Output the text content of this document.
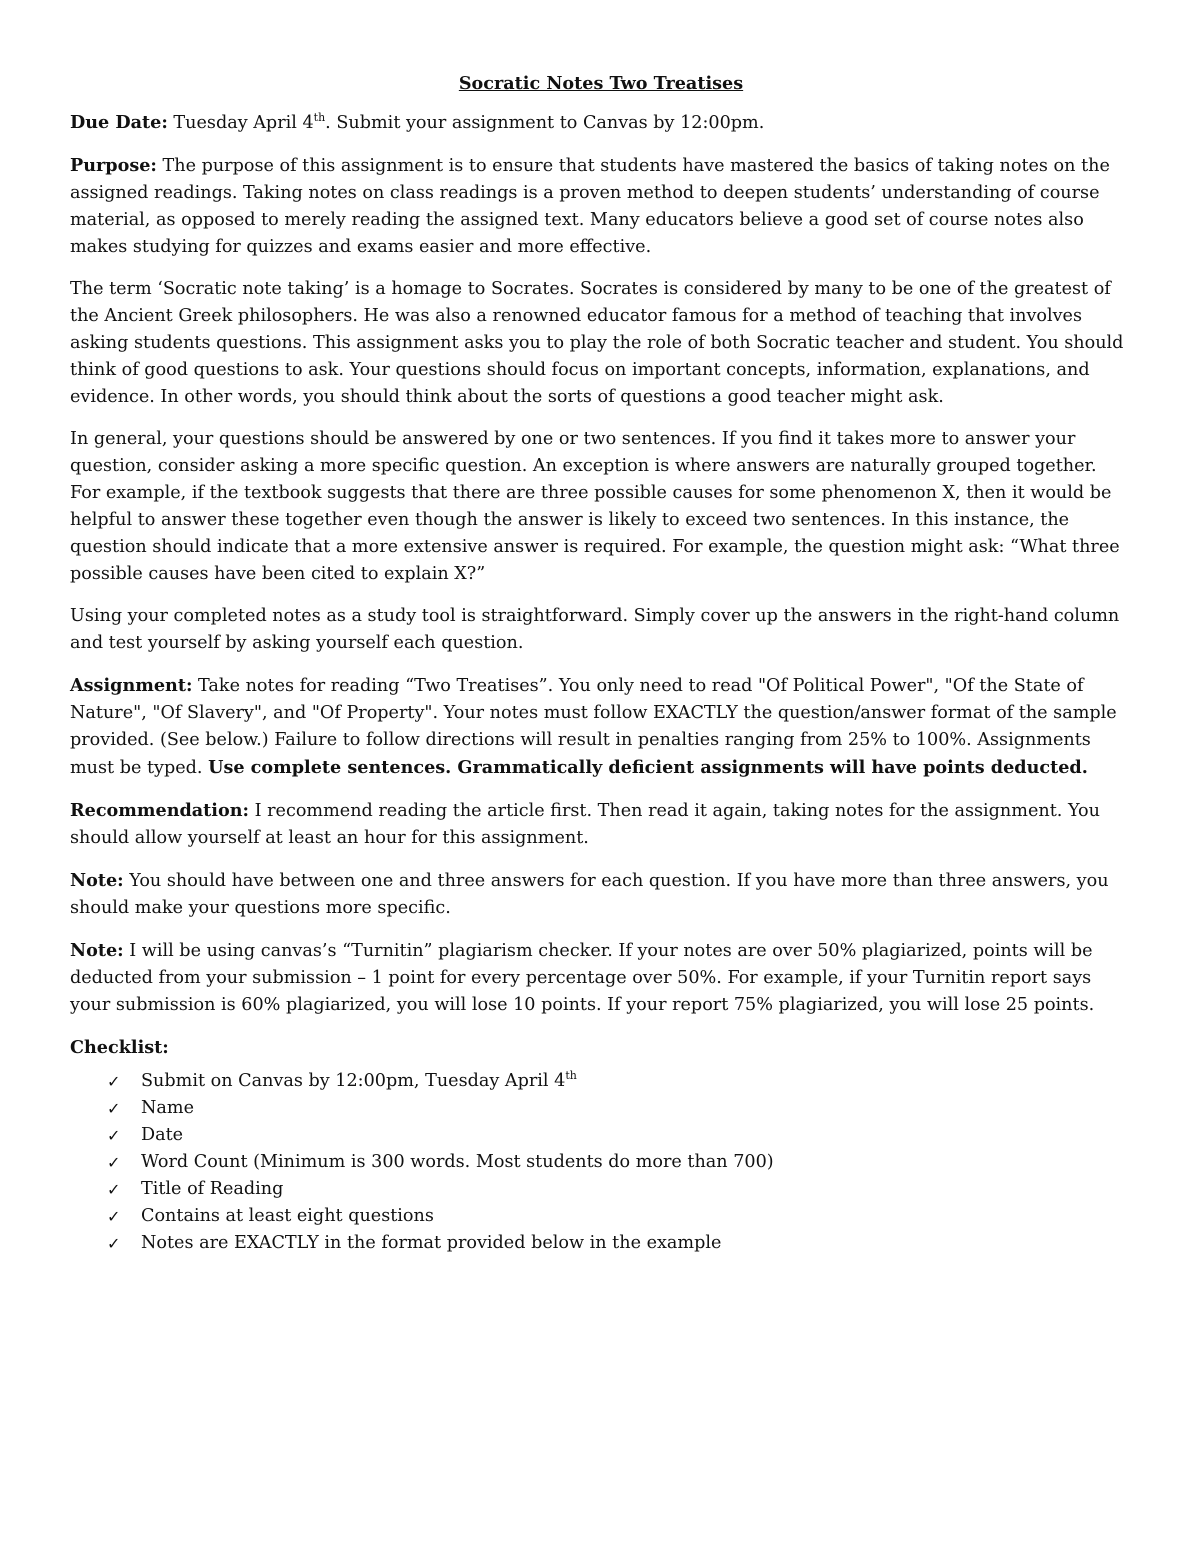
Socratic Notes Two Treatises

Due Date: Tuesday April 4th. Submit your assignment to Canvas by 12:00pm.

Purpose: The purpose of this assignment is to ensure that students have mastered the basics of taking notes on the assigned readings. Taking notes on class readings is a proven method to deepen students’ understanding of course material, as opposed to merely reading the assigned text. Many educators believe a good set of course notes also makes studying for quizzes and exams easier and more effective.

The term ‘Socratic note taking’ is a homage to Socrates. Socrates is considered by many to be one of the greatest of the Ancient Greek philosophers. He was also a renowned educator famous for a method of teaching that involves asking students questions. This assignment asks you to play the role of both Socratic teacher and student. You should think of good questions to ask. Your questions should focus on important concepts, information, explanations, and evidence. In other words, you should think about the sorts of questions a good teacher might ask.

In general, your questions should be answered by one or two sentences. If you find it takes more to answer your question, consider asking a more specific question. An exception is where answers are naturally grouped together. For example, if the textbook suggests that there are three possible causes for some phenomenon X, then it would be helpful to answer these together even though the answer is likely to exceed two sentences. In this instance, the question should indicate that a more extensive answer is required. For example, the question might ask: “What three possible causes have been cited to explain X?”

Using your completed notes as a study tool is straightforward. Simply cover up the answers in the right-hand column and test yourself by asking yourself each question.

Assignment: Take notes for reading “Two Treatises”. You only need to read "Of Political Power", "Of the State of Nature", "Of Slavery", and "Of Property". Your notes must follow EXACTLY the question/answer format of the sample provided. (See below.) Failure to follow directions will result in penalties ranging from 25% to 100%. Assignments must be typed. Use complete sentences. Grammatically deficient assignments will have points deducted.

Recommendation: I recommend reading the article first. Then read it again, taking notes for the assignment. You should allow yourself at least an hour for this assignment.

Note: You should have between one and three answers for each question. If you have more than three answers, you should make your questions more specific.

Note: I will be using canvas’s “Turnitin” plagiarism checker. If your notes are over 50% plagiarized, points will be deducted from your submission – 1 point for every percentage over 50%. For example, if your Turnitin report says your submission is 60% plagiarized, you will lose 10 points. If your report 75% plagiarized, you will lose 25 points.

Checklist:

✓ Submit on Canvas by 12:00pm, Tuesday April 4th
✓ Name
✓ Date
✓ Word Count (Minimum is 300 words. Most students do more than 700)
✓ Title of Reading
✓ Contains at least eight questions
✓ Notes are EXACTLY in the format provided below in the example
